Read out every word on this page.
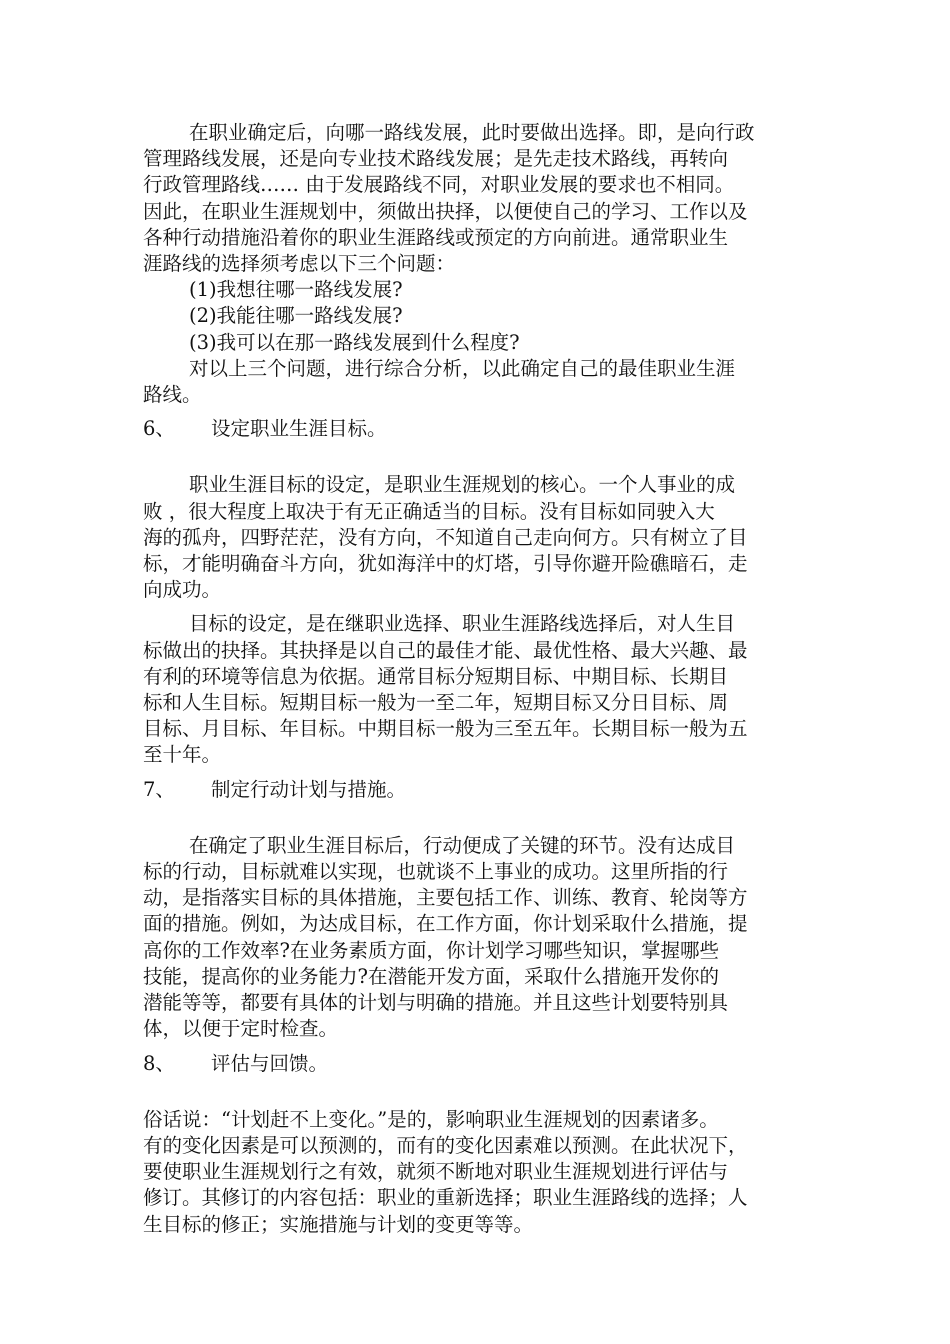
在职业确定后，向哪一路线发展，此时要做出选择。即，是向行政
管理路线发展，还是向专业技术路线发展；是先走技术路线，再转向
行政管理路线…… 由于发展路线不同，对职业发展的要求也不相同。
因此，在职业生涯规划中，须做出抉择，以便使自己的学习、工作以及
各种行动措施沿着你的职业生涯路线或预定的方向前进。通常职业生
涯路线的选择须考虑以下三个问题：

(1)我想往哪一路线发展?
(2)我能往哪一路线发展?
(3)我可以在那一路线发展到什么程度?

对以上三个问题，进行综合分析，以此确定自己的最佳职业生涯
路线。

6、 设定职业生涯目标。

职业生涯目标的设定，是职业生涯规划的核心。一个人事业的成
败 ，很大程度上取决于有无正确适当的目标。没有目标如同驶入大
海的孤舟，四野茫茫，没有方向，不知道自己走向何方。只有树立了目
标，才能明确奋斗方向，犹如海洋中的灯塔，引导你避开险礁暗石，走
向成功。

目标的设定，是在继职业选择、职业生涯路线选择后，对人生目
标做出的抉择。其抉择是以自己的最佳才能、最优性格、最大兴趣、最
有利的环境等信息为依据。通常目标分短期目标、中期目标、长期目
标和人生目标。短期目标一般为一至二年，短期目标又分日目标、周
目标、月目标、年目标。中期目标一般为三至五年。长期目标一般为五
至十年。

7、 制定行动计划与措施。

在确定了职业生涯目标后，行动便成了关键的环节。没有达成目
标的行动，目标就难以实现，也就谈不上事业的成功。这里所指的行
动，是指落实目标的具体措施，主要包括工作、训练、教育、轮岗等方
面的措施。例如，为达成目标，在工作方面，你计划采取什么措施，提
高你的工作效率?在业务素质方面，你计划学习哪些知识，掌握哪些
技能，提高你的业务能力?在潜能开发方面，采取什么措施开发你的
潜能等等，都要有具体的计划与明确的措施。并且这些计划要特别具
体，以便于定时检查。

8、 评估与回馈。

俗话说：“计划赶不上变化。”是的，影响职业生涯规划的因素诸多。
有的变化因素是可以预测的，而有的变化因素难以预测。在此状况下，
要使职业生涯规划行之有效，就须不断地对职业生涯规划进行评估与
修订。其修订的内容包括：职业的重新选择；职业生涯路线的选择；人
生目标的修正；实施措施与计划的变更等等。
